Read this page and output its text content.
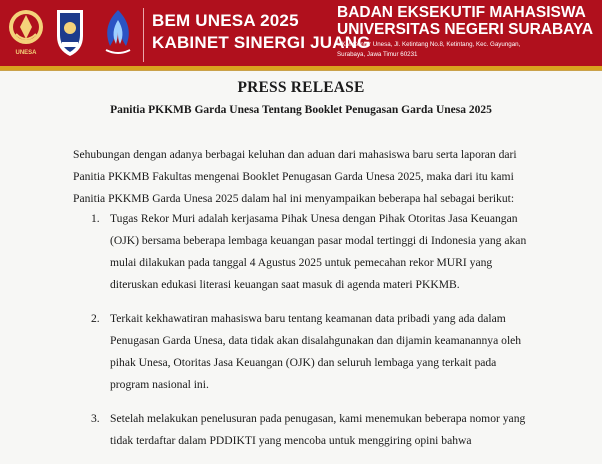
UNESA
BEM UNESA 2025
KABINET SINERGI JUANG
BADAN EKSEKUTIF MAHASISWA
UNIVERSITAS NEGERI SURABAYA
UKM Center Unesa, Jl. Ketintang No.8, Ketintang, Kec. Gayungan,
Surabaya, Jawa Timur 60231
PRESS RELEASE
Panitia PKKMB Garda Unesa Tentang Booklet Penugasan Garda Unesa 2025
Sehubungan dengan adanya berbagai keluhan dan aduan dari mahasiswa baru serta laporan dari Panitia PKKMB Fakultas mengenai Booklet Penugasan Garda Unesa 2025, maka dari itu kami Panitia PKKMB Garda Unesa 2025 dalam hal ini menyampaikan beberapa hal sebagai berikut:
1. Tugas Rekor Muri adalah kerjasama Pihak Unesa dengan Pihak Otoritas Jasa Keuangan (OJK) bersama beberapa lembaga keuangan pasar modal tertinggi di Indonesia yang akan mulai dilakukan pada tanggal 4 Agustus 2025 untuk pemecahan rekor MURI yang diteruskan edukasi literasi keuangan saat masuk di agenda materi PKKMB.
2. Terkait kekhawatiran mahasiswa baru tentang keamanan data pribadi yang ada dalam Penugasan Garda Unesa, data tidak akan disalahgunakan dan dijamin keamanannya oleh pihak Unesa, Otoritas Jasa Keuangan (OJK) dan seluruh lembaga yang terkait pada program nasional ini.
3. Setelah melakukan penelusuran pada penugasan, kami menemukan beberapa nomor yang tidak terdaftar dalam PDDIKTI yang mencoba untuk menggiring opini bahwa
